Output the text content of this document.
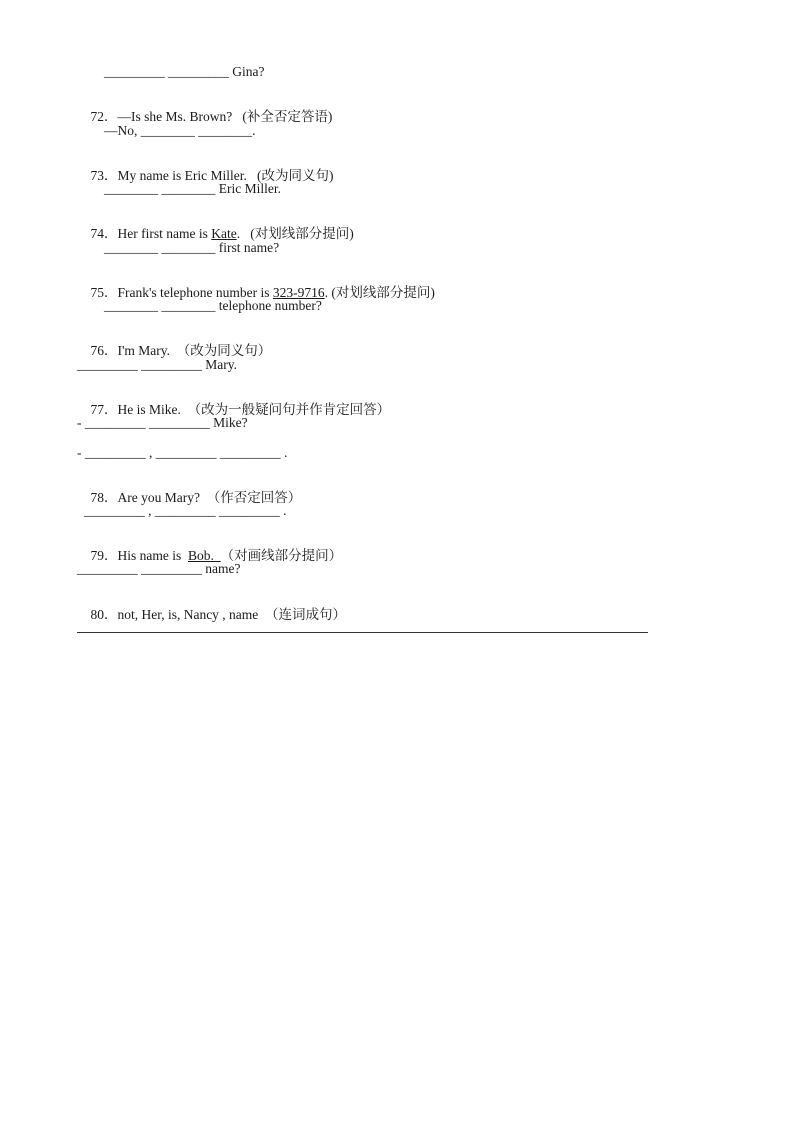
_________ _________ Gina?

72．—Is she Ms. Brown?   (补全否定答语)

—No, ________ ________.

73．My name is Eric Miller.   (改为同义句)

________ ________ Eric Miller.

74．Her first name is Kate.   (对划线部分提问)

________ ________ first name?

75．Frank's telephone number is 323-9716. (对划线部分提问)

________ ________ telephone number?

76．I'm Mary.  （改为同义句）

_________ _________ Mary.

77．He is Mike.  （改为一般疑问句并作肯定回答）

- _________ _________ Mike?
- _________ , _________ _________ .

78．Are you Mary?  （作否定回答）

_________ , _________ _________ .

79．His name is  Bob.  （对画线部分提问）

_________ _________ name?

80．not, Her, is, Nancy , name  （连词成句）
